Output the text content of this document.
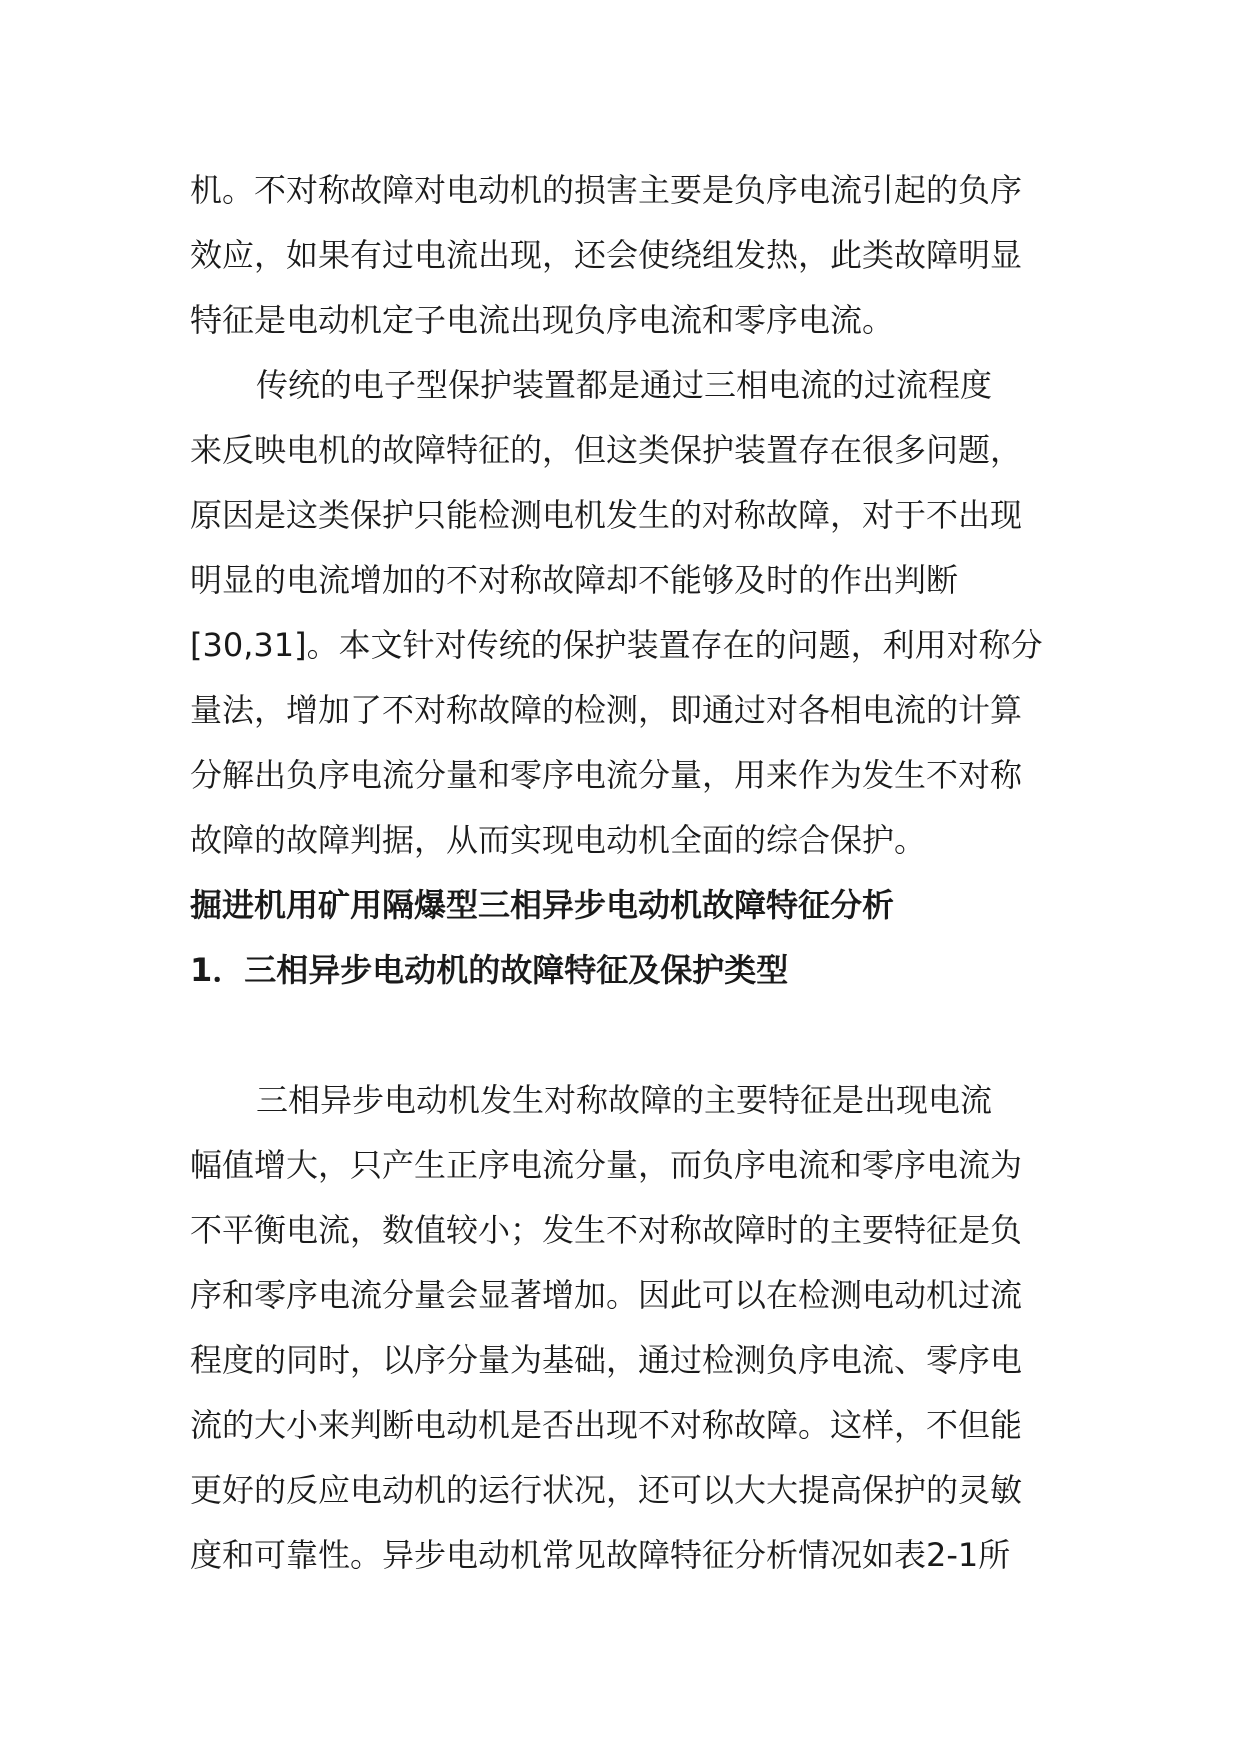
机。不对称故障对电动机的损害主要是负序电流引起的负序
效应，如果有过电流出现，还会使绕组发热，此类故障明显
特征是电动机定子电流出现负序电流和零序电流。
传统的电子型保护装置都是通过三相电流的过流程度
来反映电机的故障特征的，但这类保护装置存在很多问题，
原因是这类保护只能检测电机发生的对称故障，对于不出现
明显的电流增加的不对称故障却不能够及时的作出判断
[30,31]。本文针对传统的保护装置存在的问题，利用对称分
量法，增加了不对称故障的检测，即通过对各相电流的计算
分解出负序电流分量和零序电流分量，用来作为发生不对称
故障的故障判据，从而实现电动机全面的综合保护。
掘进机用矿用隔爆型三相异步电动机故障特征分析
1．三相异步电动机的故障特征及保护类型
三相异步电动机发生对称故障的主要特征是出现电流
幅值增大，只产生正序电流分量，而负序电流和零序电流为
不平衡电流，数值较小；发生不对称故障时的主要特征是负
序和零序电流分量会显著增加。因此可以在检测电动机过流
程度的同时，以序分量为基础，通过检测负序电流、零序电
流的大小来判断电动机是否出现不对称故障。这样，不但能
更好的反应电动机的运行状况，还可以大大提高保护的灵敏
度和可靠性。异步电动机常见故障特征分析情况如表2-1所
